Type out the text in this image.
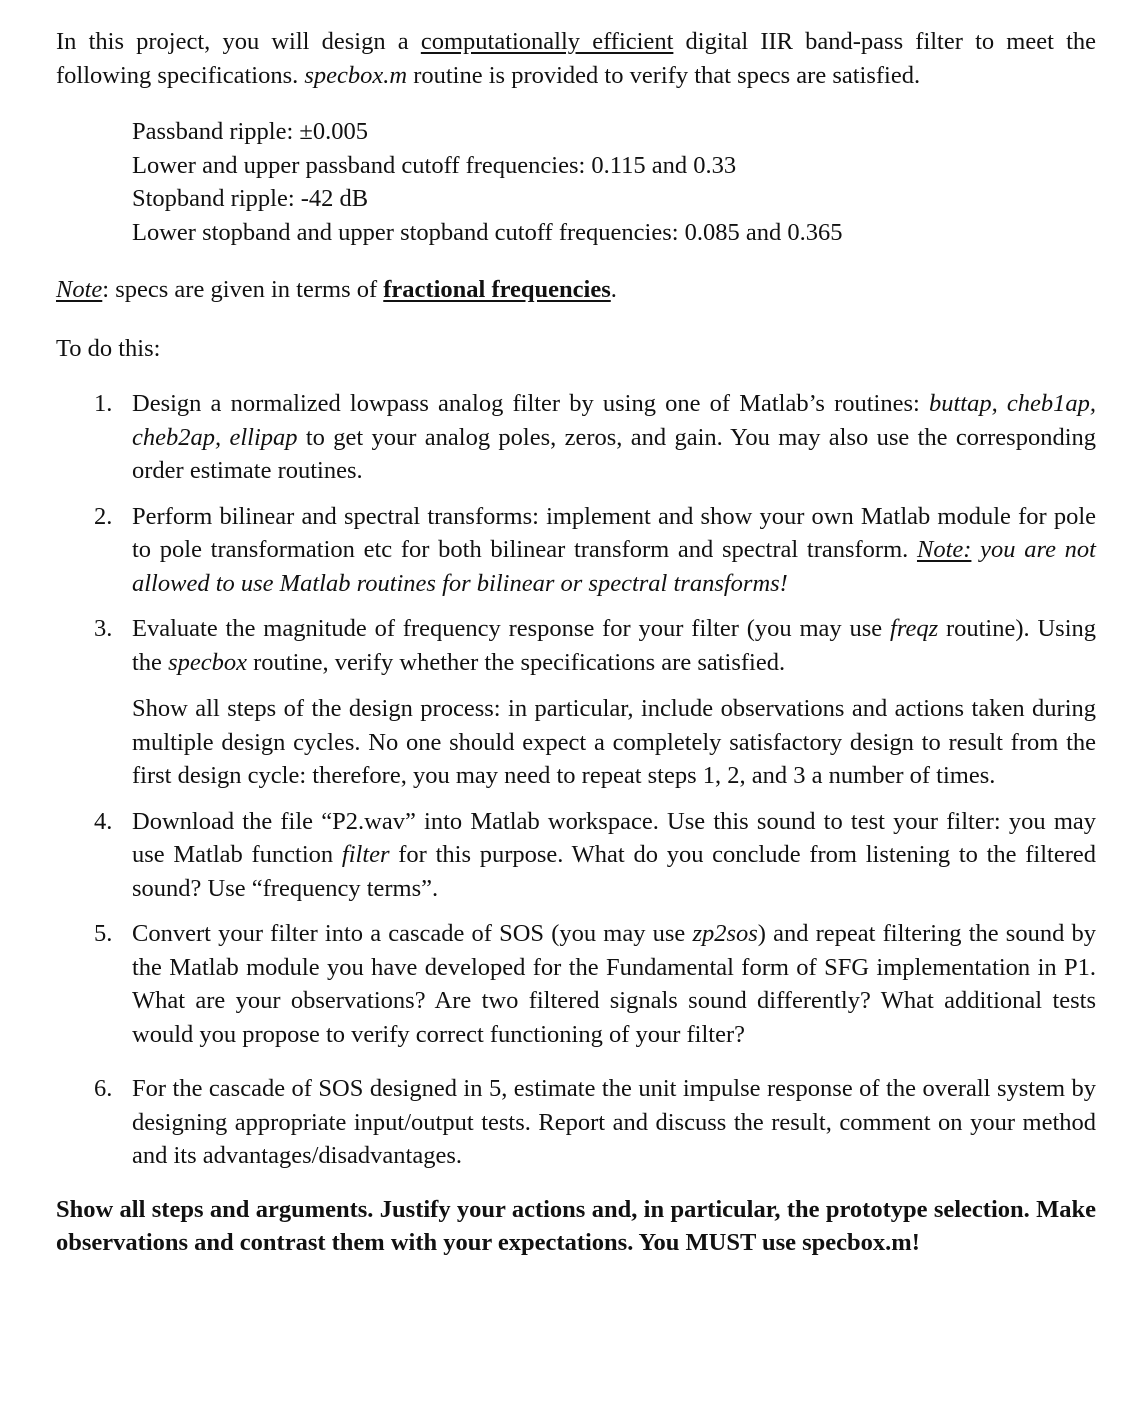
In this project, you will design a computationally efficient digital IIR band-pass filter to meet the following specifications. specbox.m routine is provided to verify that specs are satisfied.

Passband ripple: ±0.005
Lower and upper passband cutoff frequencies: 0.115 and 0.33
Stopband ripple: -42 dB
Lower stopband and upper stopband cutoff frequencies: 0.085 and 0.365

Note: specs are given in terms of fractional frequencies.

To do this:

1. Design a normalized lowpass analog filter by using one of Matlab’s routines: buttap, cheb1ap, cheb2ap, ellipap to get your analog poles, zeros, and gain. You may also use the corresponding order estimate routines.
2. Perform bilinear and spectral transforms: implement and show your own Matlab module for pole to pole transformation etc for both bilinear transform and spectral transform. Note: you are not allowed to use Matlab routines for bilinear or spectral transforms!
3. Evaluate the magnitude of frequency response for your filter (you may use freqz routine). Using the specbox routine, verify whether the specifications are satisfied.

Show all steps of the design process: in particular, include observations and actions taken during multiple design cycles. No one should expect a completely satisfactory design to result from the first design cycle: therefore, you may need to repeat steps 1, 2, and 3 a number of times.

4. Download the file “P2.wav” into Matlab workspace. Use this sound to test your filter: you may use Matlab function filter for this purpose. What do you conclude from listening to the filtered sound? Use “frequency terms”.
5. Convert your filter into a cascade of SOS (you may use zp2sos) and repeat filtering the sound by the Matlab module you have developed for the Fundamental form of SFG implementation in P1. What are your observations? Are two filtered signals sound differently? What additional tests would you propose to verify correct functioning of your filter?
6. For the cascade of SOS designed in 5, estimate the unit impulse response of the overall system by designing appropriate input/output tests. Report and discuss the result, comment on your method and its advantages/disadvantages.

Show all steps and arguments. Justify your actions and, in particular, the prototype selection. Make observations and contrast them with your expectations. You MUST use specbox.m!
